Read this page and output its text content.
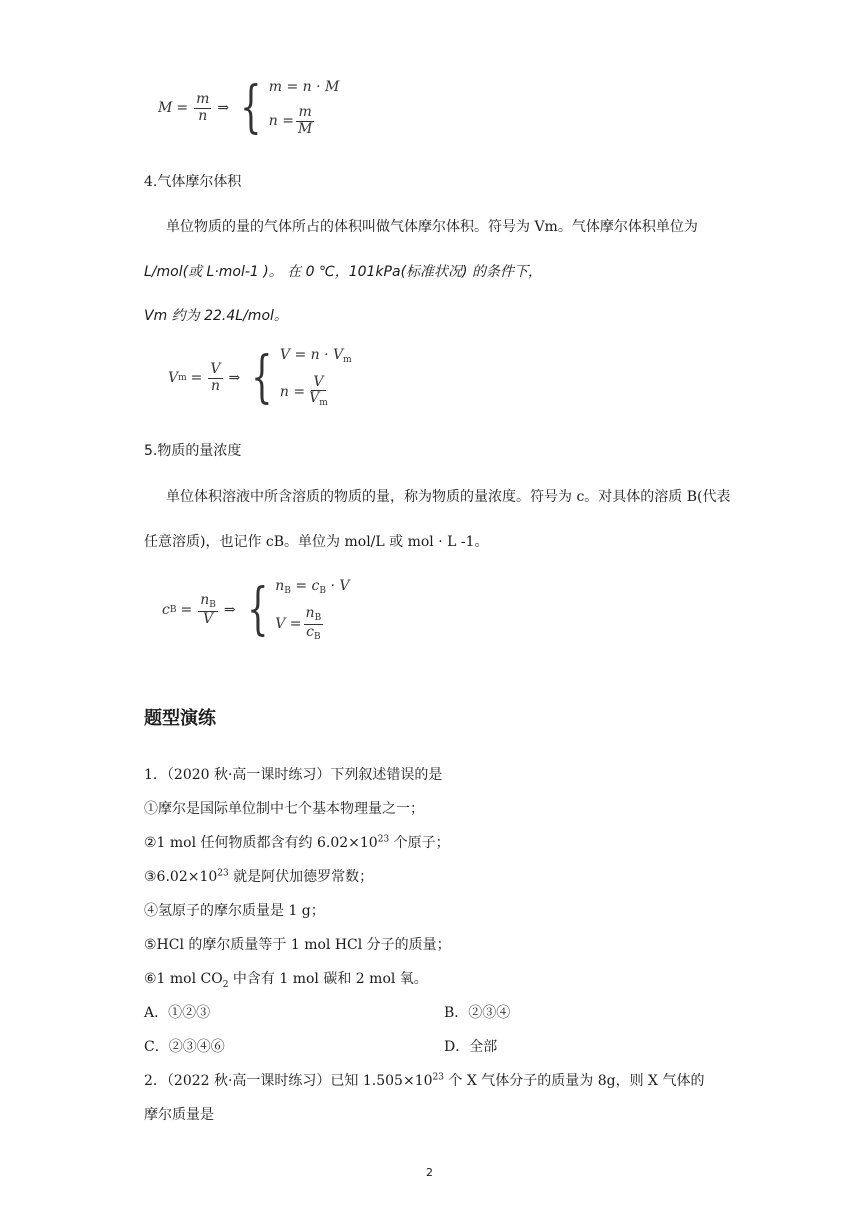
$M = \frac{m}{n}$ ⇒ { m = n · M
$n = \frac{m}{M}$
4.气体摩尔体积
单位物质的量的气体所占的体积叫做气体摩尔体积。符号为 Vm。气体摩尔体积单位为
L/mol(或 L·mol-1 )。 在 0 ℃，101kPa(标准状况) 的条件下，
Vm 约为 22.4L/mol。
V $m = \frac{V}{n}$ ⇒ { $V = n \cdot V_m$
$n = \frac{V}{V_m}$
5.物质的量浓度
单位体积溶液中所含溶质的物质的量，称为物质的量浓度。符号为 c。对具体的溶质 B(代表
任意溶质)，也记作 cB。单位为 mol/L 或 mol · L -1。
c $B = \frac{n_B}{V}$ ⇒ { $n_B = c_B \cdot V$
$V = \frac{n_B}{c_B}$
题型演练
1．（2020 秋·高一课时练习）下列叙述错误的是
①摩尔是国际单位制中七个基本物理量之一；
②1 mol 任何物质都含有约 $6.02\times 10^{23}$ 个原子；
$③6.02\times 10^{23}$ 就是阿伏加德罗常数；
④氢原子的摩尔质量是 1 g；
⑤HCl 的摩尔质量等于 1 mol HCl 分子的质量；
⑥1 mol $CO_2$ 中含有 1 mol 碳和 2 mol 氧。
A．①②③	B．②③④
C．②③④⑥	D．全部
2．（2022 秋·高一课时练习）已知 $1.505\times 10^{23}$ 个 X 气体分子的质量为 8g，则 X 气体的
摩尔质量是
2
